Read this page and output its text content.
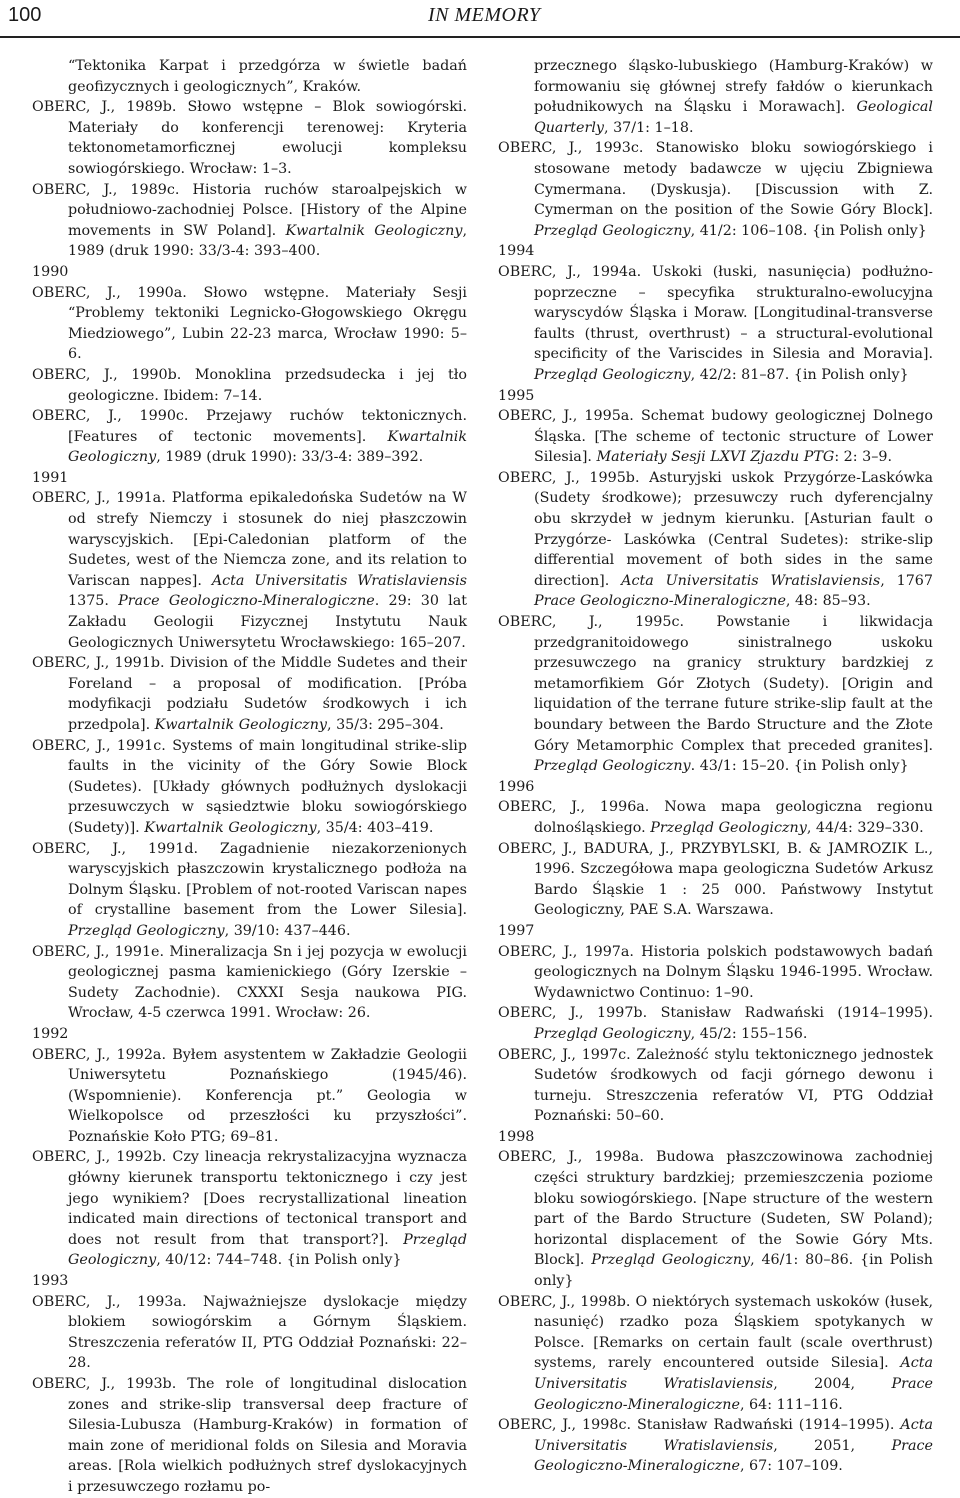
100	IN MEMORY

“Tektonika Karpat i przedgórza w świetle badań geofizycznych i geologicznych”, Kraków.

OBERC, J., 1989b. Słowo wstępne – Blok sowiogórski. Materiały do konferencji terenowej: Kryteria tektonometamorficznej ewolucji kompleksu sowiogórskiego. Wrocław: 1–3.

OBERC, J., 1989c. Historia ruchów staroalpejskich w południowo-zachodniej Polsce. [History of the Alpine movements in SW Poland]. Kwartalnik Geologiczny, 1989 (druk 1990: 33/3-4: 393–400.

1990

OBERC, J., 1990a. Słowo wstępne. Materiały Sesji “Problemy tektoniki Legnicko-Głogowskiego Okręgu Miedziowego”, Lubin 22-23 marca, Wrocław 1990: 5–6.

OBERC, J., 1990b. Monoklina przedsudecka i jej tło geologiczne. Ibidem: 7–14.

OBERC, J., 1990c. Przejawy ruchów tektonicznych. [Features of tectonic movements]. Kwartalnik Geologiczny, 1989 (druk 1990): 33/3-4: 389–392.

1991

OBERC, J., 1991a. Platforma epikaledońska Sudetów na W od strefy Niemczy i stosunek do niej płaszczowin waryscyjskich. [Epi-Caledonian platform of the Sudetes, west of the Niemcza zone, and its relation to Variscan nappes]. Acta Universitatis Wratislaviensis 1375. Prace Geologiczno-Mineralogiczne. 29: 30 lat Zakładu Geologii Fizycznej Instytutu Nauk Geologicznych Uniwersytetu Wrocławskiego: 165–207.

OBERC, J., 1991b. Division of the Middle Sudetes and their Foreland – a proposal of modification. [Próba modyfikacji podziału Sudetów środkowych i ich przedpola]. Kwartalnik Geologiczny, 35/3: 295–304.

OBERC, J., 1991c. Systems of main longitudinal strike-slip faults in the vicinity of the Góry Sowie Block (Sudetes). [Układy głównych podłużnych dyslokacji przesuwczych w sąsiedztwie bloku sowiogórskiego (Sudety)]. Kwartalnik Geologiczny, 35/4: 403–419.

OBERC, J., 1991d. Zagadnienie niezakorzenionych waryscyjskich płaszczowin krystalicznego podłoża na Dolnym Śląsku. [Problem of not-rooted Variscan napes of crystalline basement from the Lower Silesia]. Przegląd Geologiczny, 39/10: 437–446.

OBERC, J., 1991e. Mineralizacja Sn i jej pozycja w ewolucji geologicznej pasma kamienickiego (Góry Izerskie – Sudety Zachodnie). CXXXI Sesja naukowa PIG. Wrocław, 4-5 czerwca 1991. Wrocław: 26.

1992

OBERC, J., 1992a. Byłem asystentem w Zakładzie Geologii Uniwersytetu Poznańskiego (1945/46). (Wspomnienie). Konferencja pt.” Geologia w Wielkopolsce od przeszłości ku przyszłości”. Poznańskie Koło PTG; 69–81.

OBERC, J., 1992b. Czy lineacja rekrystalizacyjna wyznacza główny kierunek transportu tektonicznego i czy jest jego wynikiem? [Does recrystallizational lineation indicated main directions of tectonical transport and does not result from that transport?]. Przegląd Geologiczny, 40/12: 744–748. {in Polish only}

1993

OBERC, J., 1993a. Najważniejsze dyslokacje między blokiem sowiogórskim a Górnym Śląskiem. Streszczenia referatów II, PTG Oddział Poznański: 22–28.

OBERC, J., 1993b. The role of longitudinal dislocation zones and strike-slip transversal deep fracture of Silesia-Lubusza (Hamburg-Kraków) in formation of main zone of meridional folds on Silesia and Moravia areas. [Rola wielkich podłużnych stref dyslokacyjnych i przesuwczego rozłamu po-

przecznego śląsko-lubuskiego (Hamburg-Kraków) w formowaniu się głównej strefy fałdów o kierunkach południkowych na Śląsku i Morawach]. Geological Quarterly, 37/1: 1–18.

OBERC, J., 1993c. Stanowisko bloku sowiogórskiego i stosowane metody badawcze w ujęciu Zbigniewa Cymermana. (Dyskusja). [Discussion with Z. Cymerman on the position of the Sowie Góry Block]. Przegląd Geologiczny, 41/2: 106–108. {in Polish only}

1994

OBERC, J., 1994a. Uskoki (łuski, nasunięcia) podłużno-poprzeczne – specyfika strukturalno-ewolucyjna waryscydów Śląska i Moraw. [Longitudinal-transverse faults (thrust, overthrust) – a structural-evolutional specificity of the Variscides in Silesia and Moravia]. Przegląd Geologiczny, 42/2: 81–87. {in Polish only}

1995

OBERC, J., 1995a. Schemat budowy geologicznej Dolnego Śląska. [The scheme of tectonic structure of Lower Silesia]. Materiały Sesji LXVI Zjazdu PTG: 2: 3–9.

OBERC, J., 1995b. Asturyjski uskok Przygórze-Laskówka (Sudety środkowe); przesuwczy ruch dyferencjalny obu skrzydeł w jednym kierunku. [Asturian fault o Przygórze- Laskówka (Central Sudetes): strike-slip differential movement of both sides in the same direction]. Acta Universitatis Wratislaviensis, 1767 Prace Geologiczno-Mineralogiczne, 48: 85–93.

OBERC, J., 1995c. Powstanie i likwidacja przedgranitoidowego sinistralnego uskoku przesuwczego na granicy struktury bardzkiej z metamorfikiem Gór Złotych (Sudety). [Origin and liquidation of the terrane future strike-slip fault at the boundary between the Bardo Structure and the Złote Góry Metamorphic Complex that preceded granites]. Przegląd Geologiczny. 43/1: 15–20. {in Polish only}

1996

OBERC, J., 1996a. Nowa mapa geologiczna regionu dolnośląskiego. Przegląd Geologiczny, 44/4: 329–330.

OBERC, J., BADURA, J., PRZYBYLSKI, B. & JAMROZIK L., 1996. Szczegółowa mapa geologiczna Sudetów Arkusz Bardo Śląskie 1 : 25 000. Państwowy Instytut Geologiczny, PAE S.A. Warszawa.

1997

OBERC, J., 1997a. Historia polskich podstawowych badań geologicznych na Dolnym Śląsku 1946-1995. Wrocław. Wydawnictwo Continuo: 1–90.

OBERC, J., 1997b. Stanisław Radwański (1914–1995). Przegląd Geologiczny, 45/2: 155–156.

OBERC, J., 1997c. Zależność stylu tektonicznego jednostek Sudetów środkowych od facji górnego dewonu i turneju. Streszczenia referatów VI, PTG Oddział Poznański: 50–60.

1998

OBERC, J., 1998a. Budowa płaszczowinowa zachodniej części struktury bardzkiej; przemieszczenia poziome bloku sowiogórskiego. [Nape structure of the western part of the Bardo Structure (Sudeten, SW Poland); horizontal displacement of the Sowie Góry Mts. Block]. Przegląd Geologiczny, 46/1: 80–86. {in Polish only}

OBERC, J., 1998b. O niektórych systemach uskoków (łusek, nasunięć) rzadko poza Śląskiem spotykanych w Polsce. [Remarks on certain fault (scale overthrust) systems, rarely encountered outside Silesia]. Acta Universitatis Wratislaviensis, 2004, Prace Geologiczno-Mineralogiczne, 64: 111–116.

OBERC, J., 1998c. Stanisław Radwański (1914–1995). Acta Universitatis Wratislaviensis, 2051, Prace Geologiczno-Mineralogiczne, 67: 107–109.
